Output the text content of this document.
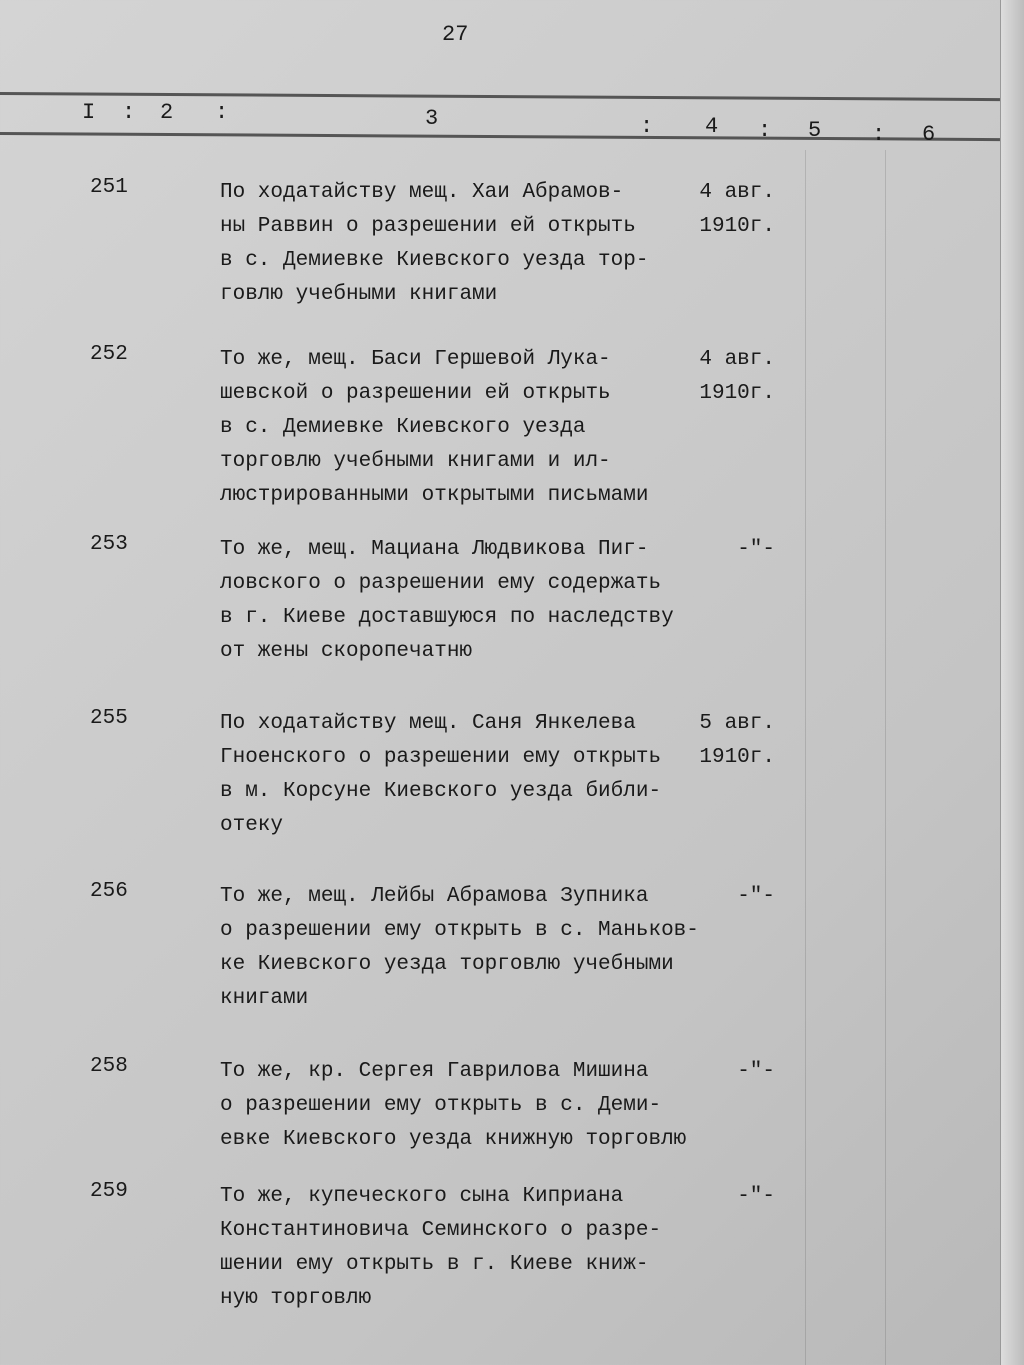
27
I : 2 :	3	: 4 : 5 : 6
251	По ходатайству мещ. Хаи Абрамов-
ны Раввин о разрешении ей открыть
в с. Демиевке Киевского уезда тор-
говлю учебными книгами
4 авг.
1910г.
252	То же, мещ. Баси Гершевой Лука-
шевской о разрешении ей открыть
в с. Демиевке Киевского уезда
торговлю учебными книгами и ил-
люстрированными открытыми письмами
4 авг.
1910г.
253	То же, мещ. Мациана Людвикова Пиг-
ловского о разрешении ему содержать
в г. Киеве доставшуюся по наследству
от жены скоропечатню
-"-
255	По ходатайству мещ. Саня Янкелева
Гноенского о разрешении ему открыть
в м. Корсуне Киевского уезда библи-
отеку
5 авг.
1910г.
256	То же, мещ. Лейбы Абрамова Зупника
о разрешении ему открыть в с. Маньков-
ке Киевского уезда торговлю учебными
книгами
-"-
258	То же, кр. Сергея Гаврилова Мишина
о разрешении ему открыть в с. Деми-
евке Киевского уезда книжную торговлю
-"-
259	То же, купеческого сына Киприана
Константиновича Семинского о разре-
шении ему открыть в г. Киеве книж-
ную торговлю
-"-
